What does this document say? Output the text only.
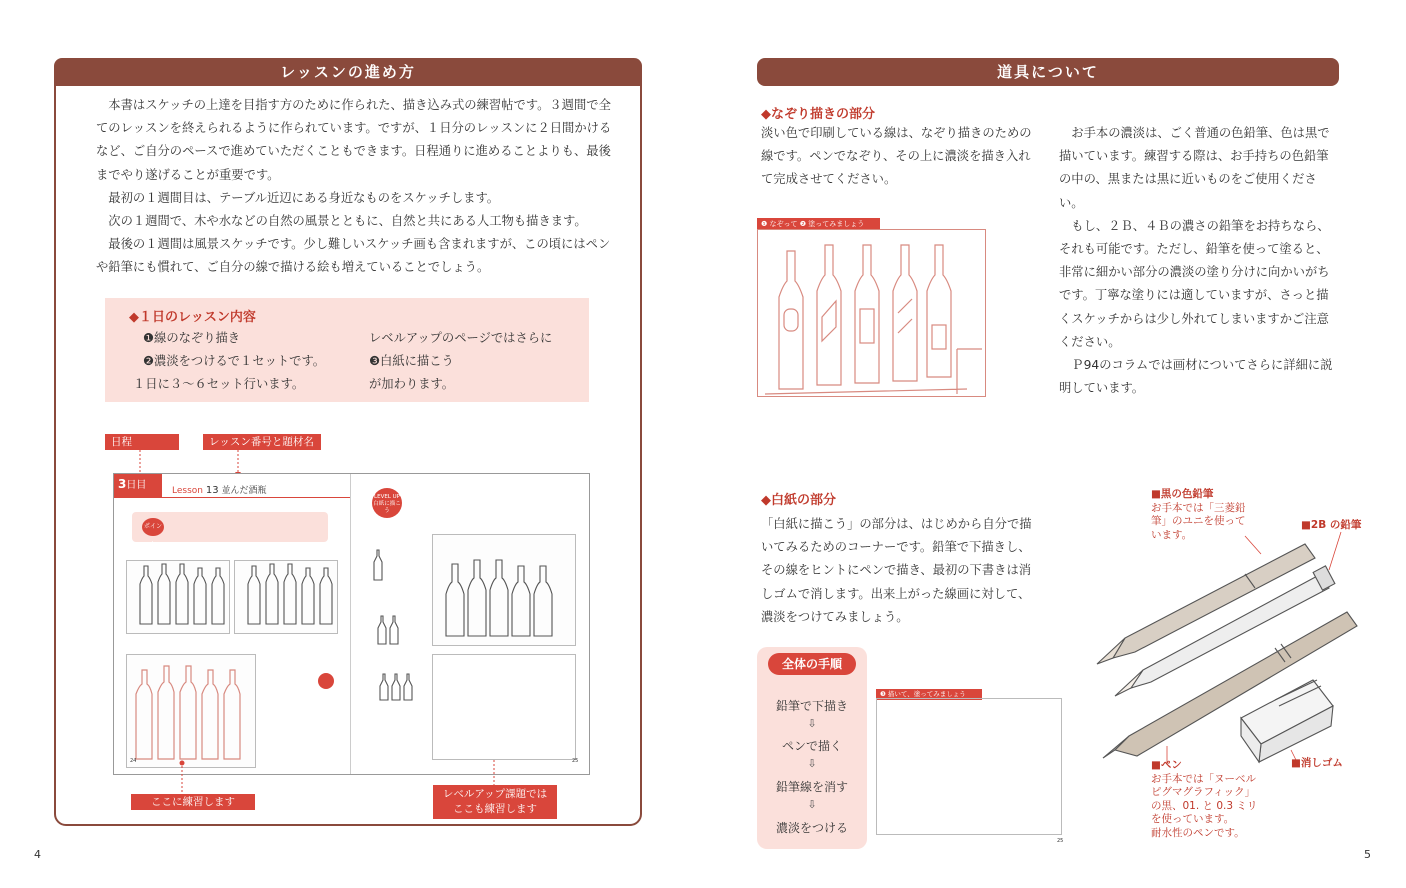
レッスンの進め方

本書はスケッチの上達を目指す方のために作られた、描き込み式の練習帖です。３週間で全てのレッスンを終えられるように作られています。ですが、１日分のレッスンに２日間かけるなど、ご自分のペースで進めていただくこともできます。日程通りに進めることよりも、最後までやり遂げることが重要です。

最初の１週間目は、テーブル近辺にある身近なものをスケッチします。

次の１週間で、木や水などの自然の風景とともに、自然と共にある人工物も描きます。

最後の１週間は風景スケッチです。少し難しいスケッチ画も含まれますが、この頃にはペンや鉛筆にも慣れて、ご自分の線で描ける絵も増えていることでしょう。

◆１日のレッスン内容
❶線のなぞり描き
❷濃淡をつけるで１セットです。
１日に３～６セット行います。
レベルアップのページではさらに
❸白紙に描こう
が加わります。
日程	レッスン番号と題材名
3日目	Lesson 13 並んだ酒瓶
ポイント
LEVEL UP
白紙に描こう
24	25
ここに練習します
レベルアップ課題では
ここも練習します
4
道具について
◆なぞり描きの部分
淡い色で印刷している線は、なぞり描きのための線です。ペンでなぞり、その上に濃淡を描き入れて完成させてください。
❶ なぞって ❷ 塗ってみましょう

お手本の濃淡は、ごく普通の色鉛筆、色は黒で描いています。練習する際は、お手持ちの色鉛筆の中の、黒または黒に近いものをご使用ください。

もし、２Ｂ、４Ｂの濃さの鉛筆をお持ちなら、それも可能です。ただし、鉛筆を使って塗ると、非常に細かい部分の濃淡の塗り分けに向かいがちです。丁寧な塗りには適していますが、さっと描くスケッチからは少し外れてしまいますかご注意ください。

Ｐ94のコラムでは画材についてさらに詳細に説明しています。

◆白紙の部分
「白紙に描こう」の部分は、はじめから自分で描いてみるためのコーナーです。鉛筆で下描きし、その線をヒントにペンで描き、最初の下書きは消しゴムで消します。出来上がった線画に対して、濃淡をつけてみましょう。
全体の手順
鉛筆で下描き
⇩
ペンで描く
⇩
鉛筆線を消す
⇩
濃淡をつける
❸ 描いて、塗ってみましょう
25
■黒の色鉛筆
お手本では「三菱鉛
筆」のユニを使って
います。
■2B の鉛筆
■消しゴム
■ペン
お手本では「ヌーベル
ピグマグラフィック」
の黒、01. と 0.3 ミリ
を使っています。
耐水性のペンです。
5
